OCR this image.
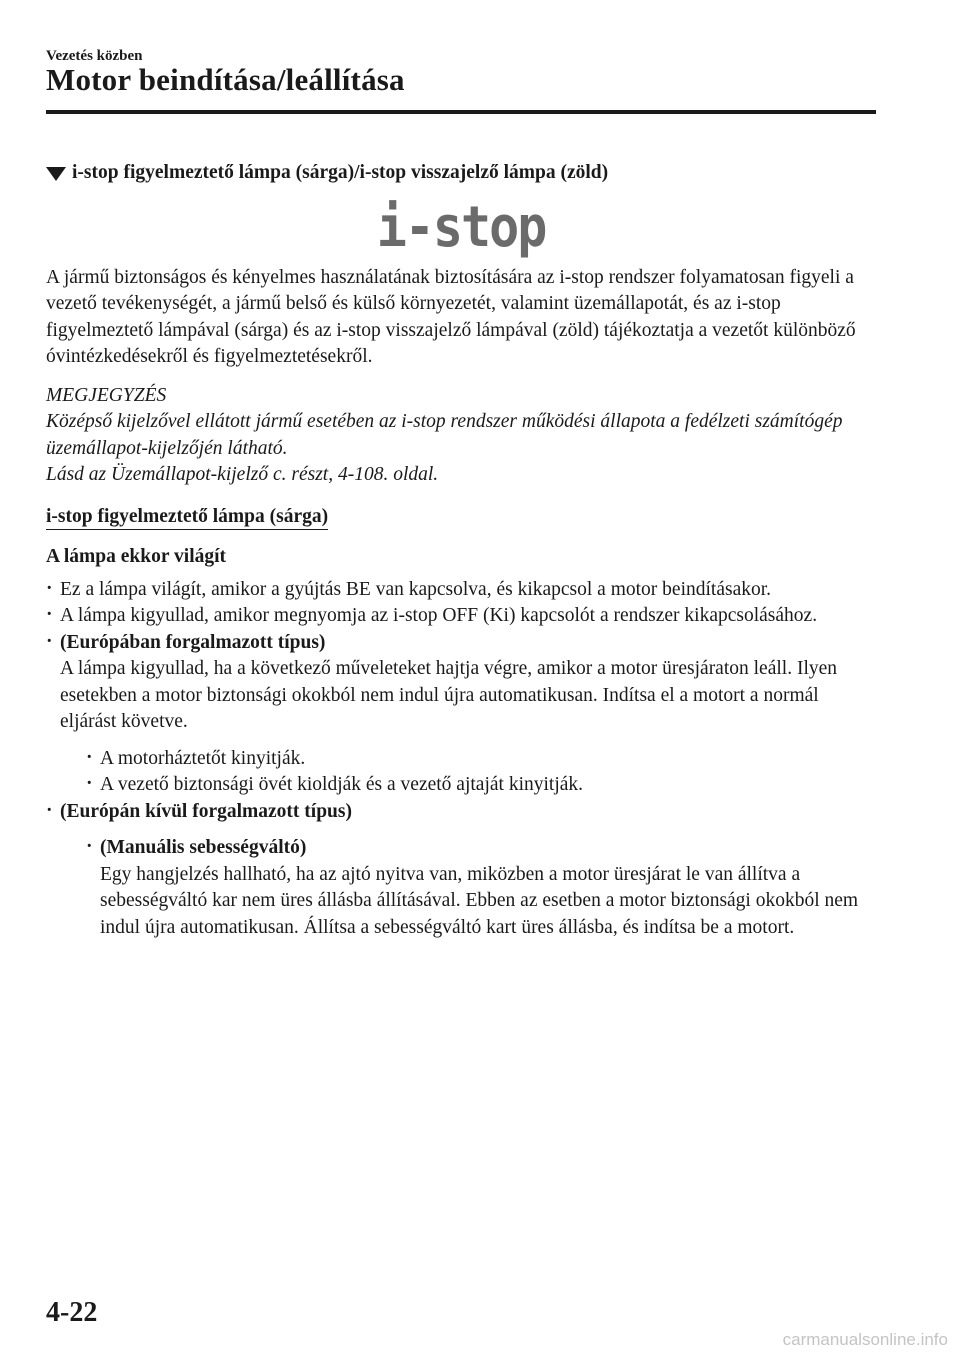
Vezetés közben
Motor beindítása/leállítása
i-stop figyelmeztető lámpa (sárga)/i-stop visszajelző lámpa (zöld)
i-stop

A jármű biztonságos és kényelmes használatának biztosítására az i-stop rendszer folyamatosan figyeli a vezető tevékenységét, a jármű belső és külső környezetét, valamint üzemállapotát, és az i-stop figyelmeztető lámpával (sárga) és az i-stop visszajelző lámpával (zöld) tájékoztatja a vezetőt különböző óvintézkedésekről és figyelmeztetésekről.

MEGJEGYZÉS

Középső kijelzővel ellátott jármű esetében az i-stop rendszer működési állapota a fedélzeti számítógép üzemállapot-kijelzőjén látható.

Lásd az Üzemállapot-kijelző c. részt, 4-108. oldal.

i-stop figyelmeztető lámpa (sárga)

A lámpa ekkor világít

· Ez a lámpa világít, amikor a gyújtás BE van kapcsolva, és kikapcsol a motor beindításakor.
· A lámpa kigyullad, amikor megnyomja az i-stop OFF (Ki) kapcsolót a rendszer kikapcsolásához.
· (Európában forgalmazott típus)
A lámpa kigyullad, ha a következő műveleteket hajtja végre, amikor a motor üresjáraton leáll. Ilyen esetekben a motor biztonsági okokból nem indul újra automatikusan. Indítsa el a motort a normál eljárást követve.
· A motorháztetőt kinyitják.
· A vezető biztonsági övét kioldják és a vezető ajtaját kinyitják.
· (Európán kívül forgalmazott típus)
· (Manuális sebességváltó)
Egy hangjelzés hallható, ha az ajtó nyitva van, miközben a motor üresjárat le van állítva a sebességváltó kar nem üres állásba állításával. Ebben az esetben a motor biztonsági okokból nem indul újra automatikusan. Állítsa a sebességváltó kart üres állásba, és indítsa be a motort.
4-22
carmanualsonline.info
